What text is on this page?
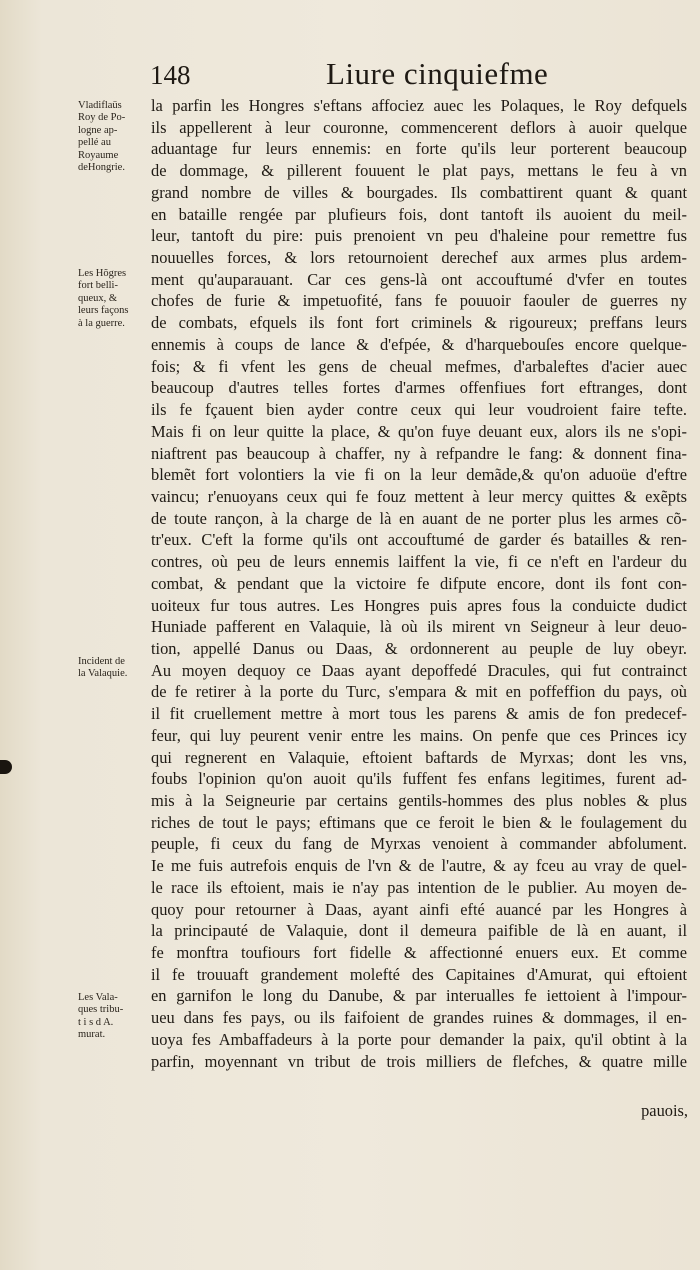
148	Liure cinquiefme
Vladiflaüs
Roy de Po-
logne ap-
pellé au
Royaume
deHongrie.
Les Hõgres
fort belli-
queux, &
leurs façons
à la guerre.
Incident de
la Valaquie.
Les Vala-
ques tribu-
t i s d A.
murat.
la parfin les Hongres s'eftans affociez auec les Polaques, le Roy defquels
ils appellerent à leur couronne, commencerent deflors à auoir quelque
aduantage fur leurs ennemis: en forte qu'ils leur porterent beaucoup
de dommage, & pillerent fouuent le plat pays, mettans le feu à vn
grand nombre de villes & bourgades. Ils combattirent quant & quant
en bataille rengée par plufieurs fois, dont tantoft ils auoient du meil-
leur, tantoft du pire: puis prenoient vn peu d'haleine pour remettre fus
nouuelles forces, & lors retournoient derechef aux armes plus ardem-
ment qu'auparauant. Car ces gens-là ont accouftumé d'vfer en toutes
chofes de furie & impetuofité, fans fe pouuoir faouler de guerres ny
de combats, efquels ils font fort criminels & rigoureux; preffans leurs
ennemis à coups de lance & d'efpée, & d'harquebouſes encore quelque-
fois; & fi vfent les gens de cheual mefmes, d'arbaleftes d'acier auec
beaucoup d'autres telles fortes d'armes offenfiues fort eftranges, dont
ils fe fçauent bien ayder contre ceux qui leur voudroient faire tefte.
Mais fi on leur quitte la place, & qu'on fuye deuant eux, alors ils ne s'opi-
niaftrent pas beaucoup à chaffer, ny à refpandre le fang: & donnent fina-
blemẽt fort volontiers la vie fi on la leur demãde,& qu'on aduoüe d'eftre
vaincu; r'enuoyans ceux qui fe fouz mettent à leur mercy quittes & exẽpts
de toute rançon, à la charge de là en auant de ne porter plus les armes cõ-
tr'eux. C'eft la forme qu'ils ont accouftumé de garder és batailles & ren-
contres, où peu de leurs ennemis laiffent la vie, fi ce n'eft en l'ardeur du
combat, & pendant que la victoire fe difpute encore, dont ils font con-
uoiteux fur tous autres. Les Hongres puis apres fous la conduicte dudict
Huniade pafferent en Valaquie, là où ils mirent vn Seigneur à leur deuo-
tion, appellé Danus ou Daas, & ordonnerent au peuple de luy obeyr.
Au moyen dequoy ce Daas ayant depoffedé Dracules, qui fut contrainct
de fe retirer à la porte du Turc, s'empara & mit en poffeffion du pays, où
il fit cruellement mettre à mort tous les parens & amis de fon predecef-
feur, qui luy peurent venir entre les mains. On penfe que ces Princes icy
qui regnerent en Valaquie, eftoient baftards de Myrxas; dont les vns,
foubs l'opinion qu'on auoit qu'ils fuffent fes enfans legitimes, furent ad-
mis à la Seigneurie par certains gentils-hommes des plus nobles & plus
riches de tout le pays; eftimans que ce feroit le bien & le foulagement du
peuple, fi ceux du fang de Myrxas venoient à commander abfolument.
Ie me fuis autrefois enquis de l'vn & de l'autre, & ay fceu au vray de quel-
le race ils eftoient, mais ie n'ay pas intention de le publier. Au moyen de-
quoy pour retourner à Daas, ayant ainfi efté auancé par les Hongres à
la principauté de Valaquie, dont il demeura paifible de là en auant, il
fe monftra toufiours fort fidelle & affectionné enuers eux. Et comme
il fe trouuaft grandement molefté des Capitaines d'Amurat, qui eftoient
en garnifon le long du Danube, & par interualles fe iettoient à l'impour-
ueu dans fes pays, ou ils faifoient de grandes ruines & dommages, il en-
uoya fes Ambaffadeurs à la porte pour demander la paix, qu'il obtint à la
parfin, moyennant vn tribut de trois milliers de flefches, & quatre mille
pauois,
